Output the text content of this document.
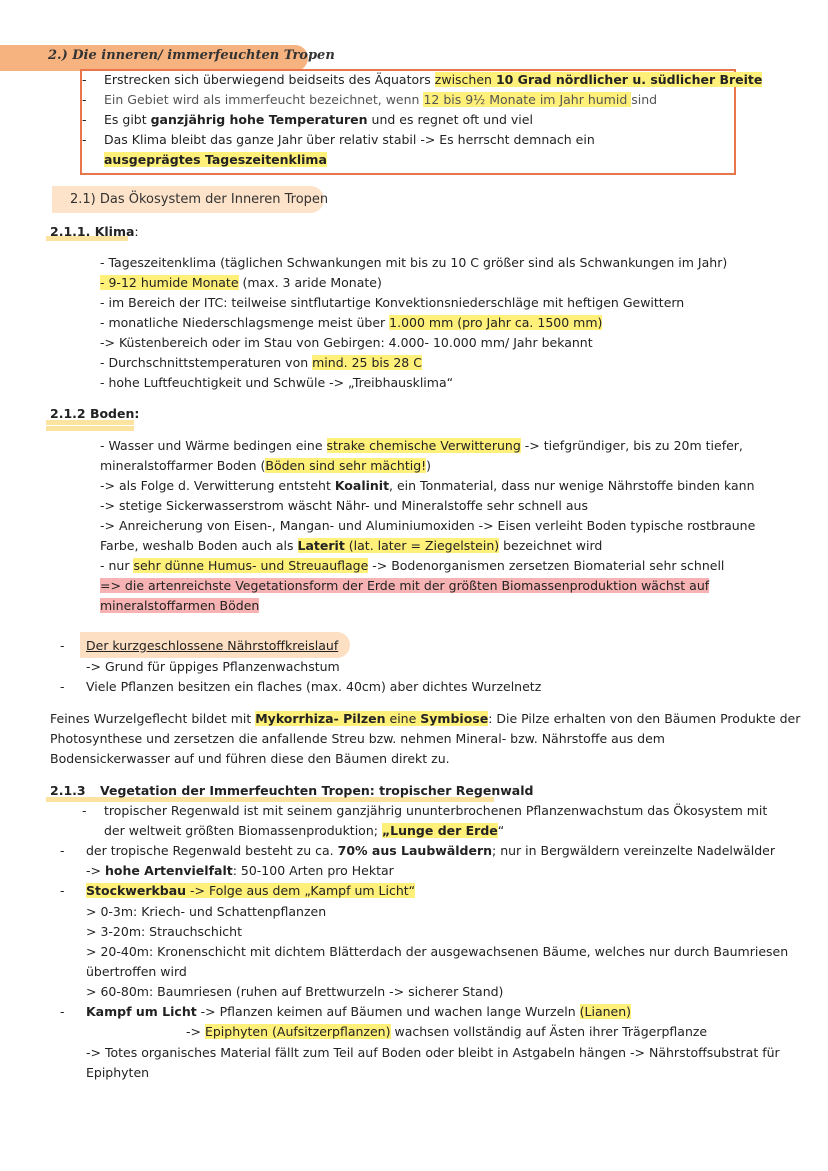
2.) Die inneren/ immerfeuchten Tropen
- Erstrecken sich überwiegend beidseits des Äquators zwischen 10 Grad nördlicher u. südlicher Breite
- Ein Gebiet wird als immerfeucht bezeichnet, wenn 12 bis 9½ Monate im Jahr humid sind
- Es gibt ganzjährig hohe Temperaturen und es regnet oft und viel
- Das Klima bleibt das ganze Jahr über relativ stabil -> Es herrscht demnach ein
ausgeprägtes Tageszeitenklima
2.1) Das Ökosystem der Inneren Tropen
2.1.1. Klima:
- Tageszeitenklima (täglichen Schwankungen mit bis zu 10 C größer sind als Schwankungen im Jahr)
- 9-12 humide Monate (max. 3 aride Monate)
- im Bereich der ITC: teilweise sintflutartige Konvektionsniederschläge mit heftigen Gewittern
- monatliche Niederschlagsmenge meist über 1.000 mm (pro Jahr ca. 1500 mm)
-> Küstenbereich oder im Stau von Gebirgen: 4.000- 10.000 mm/ Jahr bekannt
- Durchschnittstemperaturen von mind. 25 bis 28 C
- hohe Luftfeuchtigkeit und Schwüle -> „Treibhausklima“
2.1.2 Boden:
- Wasser und Wärme bedingen eine strake chemische Verwitterung -> tiefgründiger, bis zu 20m tiefer,
mineralstoffarmer Boden (Böden sind sehr mächtig!)
-> als Folge d. Verwitterung entsteht Koalinit, ein Tonmaterial, dass nur wenige Nährstoffe binden kann
-> stetige Sickerwasserstrom wäscht Nähr- und Mineralstoffe sehr schnell aus
-> Anreicherung von Eisen-, Mangan- und Aluminiumoxiden -> Eisen verleiht Boden typische rostbraune
Farbe, weshalb Boden auch als Laterit (lat. later = Ziegelstein) bezeichnet wird
- nur sehr dünne Humus- und Streuauflage -> Bodenorganismen zersetzen Biomaterial sehr schnell
=> die artenreichste Vegetationsform der Erde mit der größten Biomassenproduktion wächst auf
mineralstoffarmen Böden
- Der kurzgeschlossene Nährstoffkreislauf
-> Grund für üppiges Pflanzenwachstum
- Viele Pflanzen besitzen ein flaches (max. 40cm) aber dichtes Wurzelnetz
Feines Wurzelgeflecht bildet mit Mykorrhiza- Pilzen eine Symbiose: Die Pilze erhalten von den Bäumen Produkte der
Photosynthese und zersetzen die anfallende Streu bzw. nehmen Mineral- bzw. Nährstoffe aus dem
Bodensickerwasser auf und führen diese den Bäumen direkt zu.
2.1.3 Vegetation der Immerfeuchten Tropen: tropischer Regenwald
- tropischer Regenwald ist mit seinem ganzjährig ununterbrochenen Pflanzenwachstum das Ökosystem mit
der weltweit größten Biomassenproduktion; „Lunge der Erde“
- der tropische Regenwald besteht zu ca. 70% aus Laubwäldern; nur in Bergwäldern vereinzelte Nadelwälder
-> hohe Artenvielfalt: 50-100 Arten pro Hektar
- Stockwerkbau -> Folge aus dem „Kampf um Licht“
> 0-3m: Kriech- und Schattenpflanzen
> 3-20m: Strauchschicht
> 20-40m: Kronenschicht mit dichtem Blätterdach der ausgewachsenen Bäume, welches nur durch Baumriesen
übertroffen wird
> 60-80m: Baumriesen (ruhen auf Brettwurzeln -> sicherer Stand)
- Kampf um Licht -> Pflanzen keimen auf Bäumen und wachen lange Wurzeln (Lianen)
-> Epiphyten (Aufsitzerpflanzen) wachsen vollständig auf Ästen ihrer Trägerpflanze
-> Totes organisches Material fällt zum Teil auf Boden oder bleibt in Astgabeln hängen -> Nährstoffsubstrat für
Epiphyten
